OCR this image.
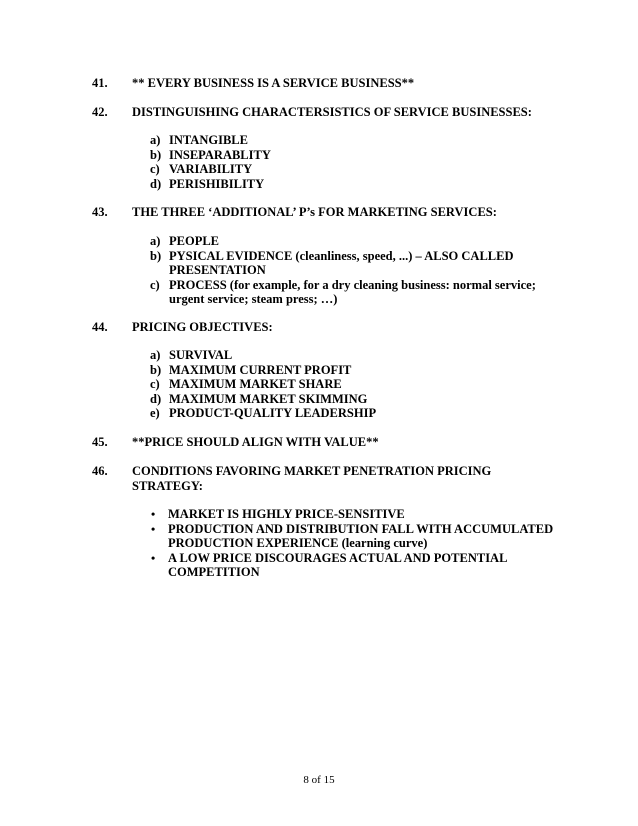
41. ** EVERY BUSINESS IS A SERVICE BUSINESS**
42. DISTINGUISHING CHARACTERSISTICS OF SERVICE BUSINESSES:
a) INTANGIBLE
b) INSEPARABLITY
c) VARIABILITY
d) PERISHIBILITY
43. THE THREE ‘ADDITIONAL’ P’s FOR MARKETING SERVICES:
a) PEOPLE
b) PYSICAL EVIDENCE (cleanliness, speed, ...) – ALSO CALLED PRESENTATION
c) PROCESS (for example, for a dry cleaning business: normal service; urgent service; steam press; …)
44. PRICING OBJECTIVES:
a) SURVIVAL
b) MAXIMUM CURRENT PROFIT
c) MAXIMUM MARKET SHARE
d) MAXIMUM MARKET SKIMMING
e) PRODUCT-QUALITY LEADERSHIP
45. **PRICE SHOULD ALIGN WITH VALUE**
46. CONDITIONS FAVORING MARKET PENETRATION PRICING STRATEGY:
• MARKET IS HIGHLY PRICE-SENSITIVE
• PRODUCTION AND DISTRIBUTION FALL WITH ACCUMULATED PRODUCTION EXPERIENCE (learning curve)
• A LOW PRICE DISCOURAGES ACTUAL AND POTENTIAL COMPETITION
8 of 15
